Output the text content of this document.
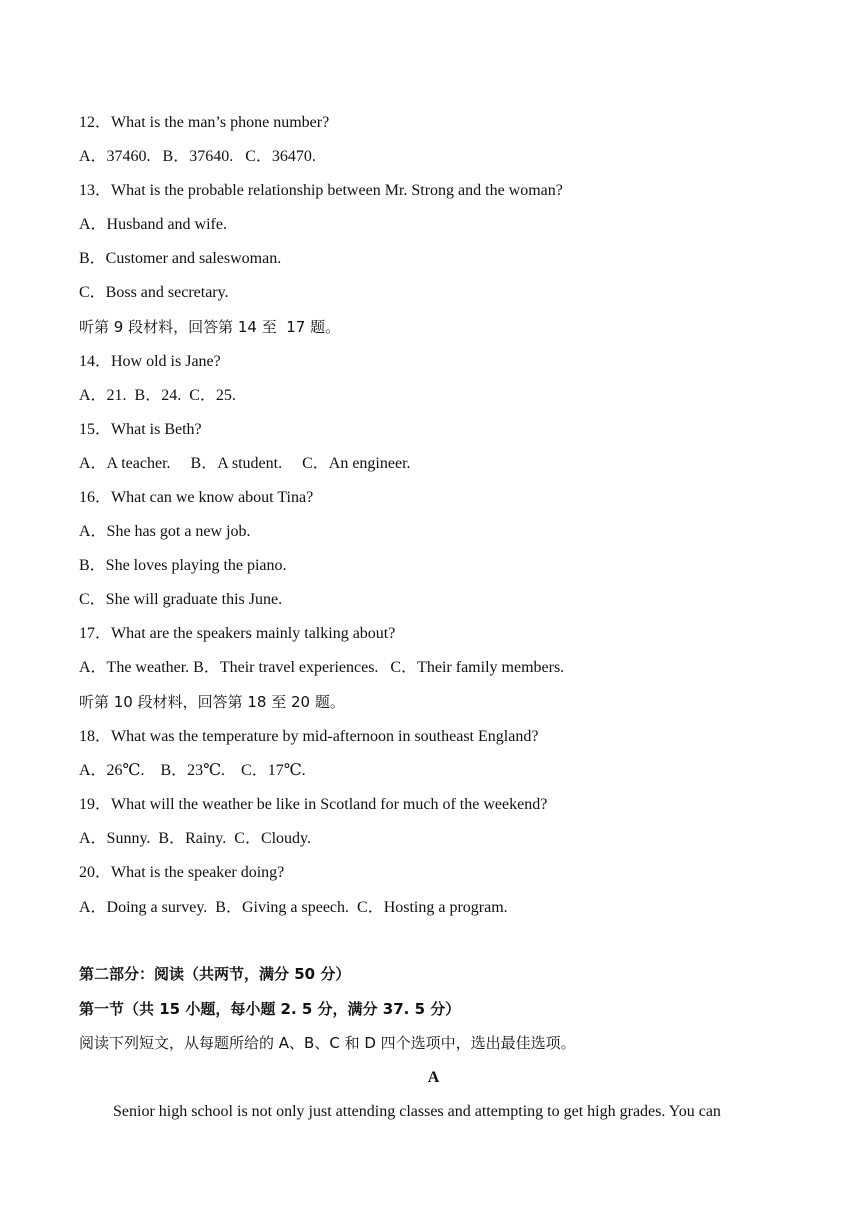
12．What is the man’s phone number?
A．37460.   B．37640.   C．36470.
13．What is the probable relationship between Mr. Strong and the woman?
A．Husband and wife.
B．Customer and saleswoman.
C．Boss and secretary.
听第 9 段材料，回答第 14 至  17 题。
14．How old is Jane?
A．21.  B．24.  C．25.
15．What is Beth?
A．A teacher.     B．A student.     C．An engineer.
16．What can we know about Tina?
A．She has got a new job.
B．She loves playing the piano.
C．She will graduate this June.
17．What are the speakers mainly talking about?
A．The weather. B．Their travel experiences.   C．Their family members.
听第 10 段材料，回答第 18 至 20 题。
18．What was the temperature by mid-afternoon in southeast England?
A．26℃.    B．23℃.    C．17℃.
19．What will the weather be like in Scotland for much of the weekend?
A．Sunny.  B．Rainy.  C．Cloudy.
20．What is the speaker doing?
A．Doing a survey.  B．Giving a speech.  C．Hosting a program.
第二部分：阅读（共两节，满分 50 分）
第一节（共 15 小题，每小题 2. 5 分，满分 37. 5 分）
阅读下列短文，从每题所给的 A、B、C 和 D 四个选项中，选出最佳选项。
A
Senior high school is not only just attending classes and attempting to get high grades. You can
